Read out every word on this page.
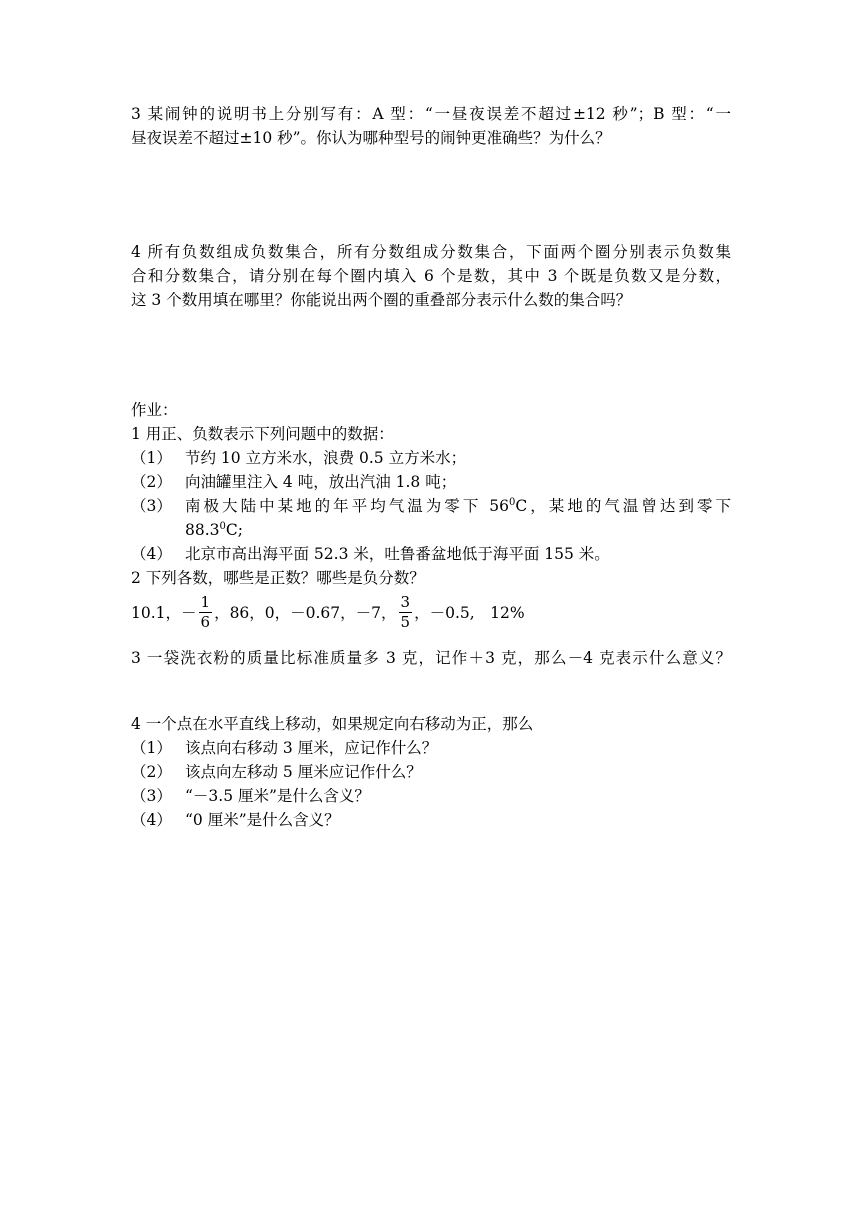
3 某闹钟的说明书上分别写有：A 型：“一昼夜误差不超过±12 秒”；B 型：“一
昼夜误差不超过±10 秒”。你认为哪种型号的闹钟更准确些？为什么？
4 所有负数组成负数集合，所有分数组成分数集合，下面两个圈分别表示负数集
合和分数集合，请分别在每个圈内填入 6 个是数，其中 3 个既是负数又是分数，
这 3 个数用填在哪里？你能说出两个圈的重叠部分表示什么数的集合吗？
作业：
1 用正、负数表示下列问题中的数据：
（1） 节约 10 立方米水，浪费 0.5 立方米水；
（2） 向油罐里注入 4 吨，放出汽油 1.8 吨；
（3） 南极大陆中某地的年平均气温为零下 $56^0C$，某地的气温曾达到零下
88.3$^0$C;
（4） 北京市高出海平面 52.3 米，吐鲁番盆地低于海平面 155 米。
2 下列各数，哪些是正数？哪些是负分数？
10.1，－ $\frac{1}{6}$ ，86，0，－0.67，－7， $\frac{3}{5}$ ，－0.5,　12%
3 一袋洗衣粉的质量比标准质量多 3 克，记作＋3 克，那么－4 克表示什么意义？
4 一个点在水平直线上移动，如果规定向右移动为正，那么
（1） 该点向右移动 3 厘米，应记作什么？
（2） 该点向左移动 5 厘米应记作什么？
（3） “－3.5 厘米”是什么含义？
（4） “0 厘米”是什么含义？
